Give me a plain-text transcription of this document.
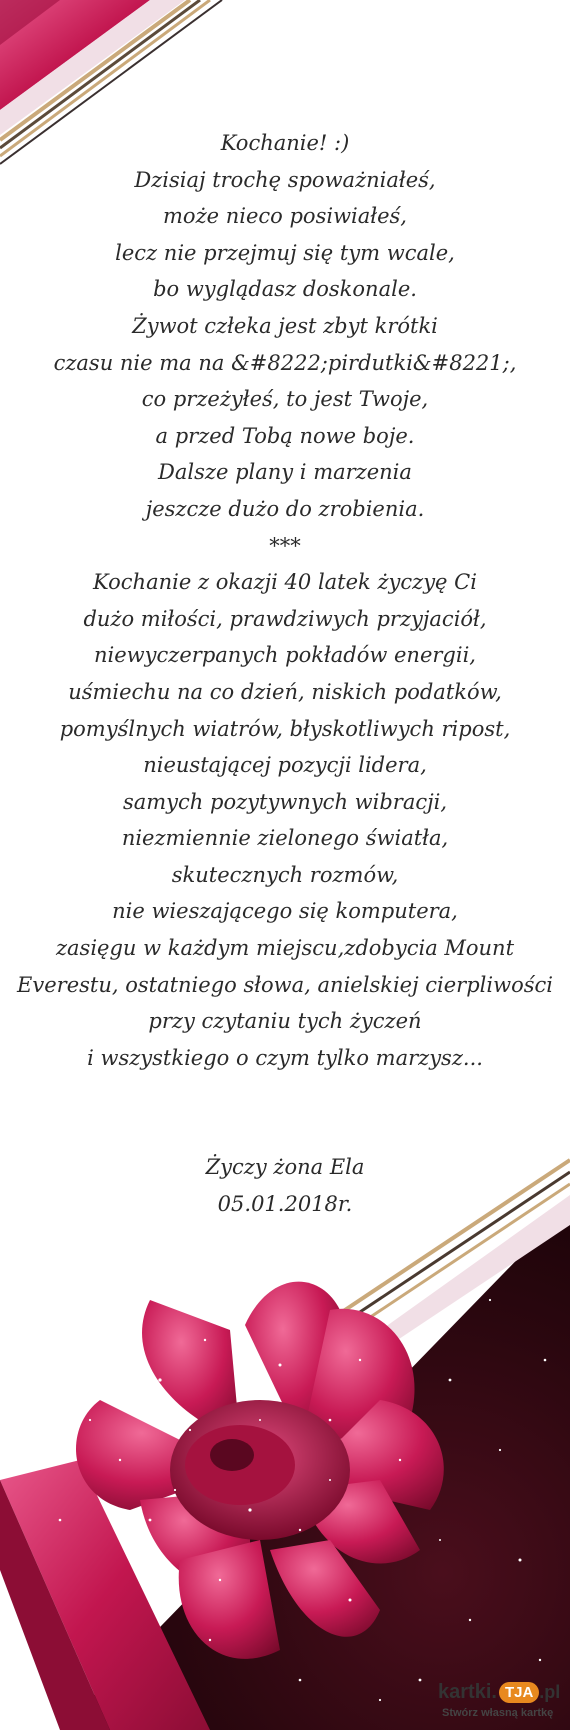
Kochanie! :)
Dzisiaj trochę spoważniałeś,
może nieco posiwiałeś,
lecz nie przejmuj się tym wcale,
bo wyglądasz doskonale.
Żywot człeka jest zbyt krótki
czasu nie ma na &#8222;pirdutki&#8221;,
co przeżyłeś, to jest Twoje,
a przed Tobą nowe boje.
Dalsze plany i marzenia
jeszcze dużo do zrobienia.
***
Kochanie z okazji 40 latek życzyę Ci
dużo miłości, prawdziwych przyjaciół,
niewyczerpanych pokładów energii,
uśmiechu na co dzień, niskich podatków,
pomyślnych wiatrów, błyskotliwych ripost,
nieustającej pozycji lidera,
samych pozytywnych wibracji,
niezmiennie zielonego światła,
skutecznych rozmów,
nie wieszającego się komputera,
zasięgu w każdym miejscu,zdobycia Mount
Everestu, ostatniego słowa, anielskiej cierpliwości
przy czytaniu tych życzeń
i wszystkiego o czym tylko marzysz...
Życzy żona Ela
05.01.2018r.
kartki. TJA .pl
Stwórz własną kartkę
